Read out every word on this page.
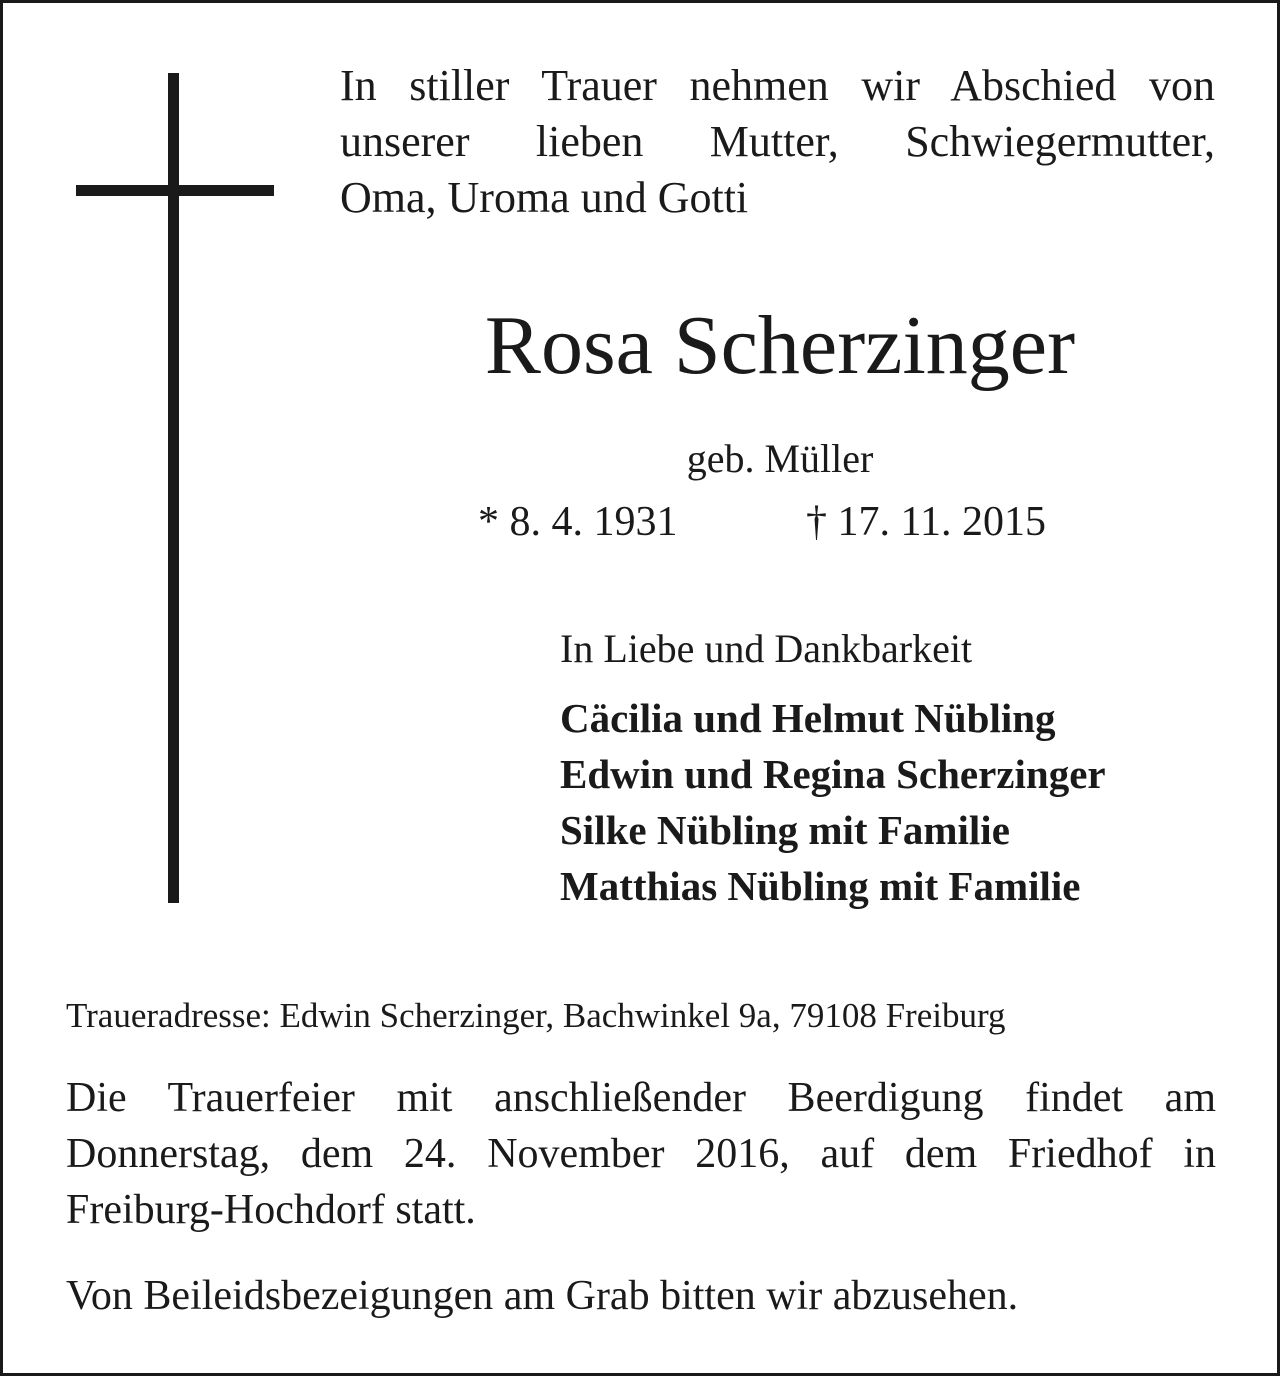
In stiller Trauer nehmen wir Abschied von
unserer lieben Mutter, Schwiegermutter,
Oma, Uroma und Gotti

Rosa Scherzinger
geb. Müller
* 8. 4. 1931	† 17. 11. 2015
In Liebe und Dankbarkeit
Cäcilia und Helmut Nübling
Edwin und Regina Scherzinger
Silke Nübling mit Familie
Matthias Nübling mit Familie
Traueradresse: Edwin Scherzinger, Bachwinkel 9a, 79108 Freiburg

Die Trauerfeier mit anschließender Beerdigung findet am
Donnerstag, dem 24. November 2016, auf dem Friedhof in
Freiburg-Hochdorf statt.

Von Beileidsbezeigungen am Grab bitten wir abzusehen.
